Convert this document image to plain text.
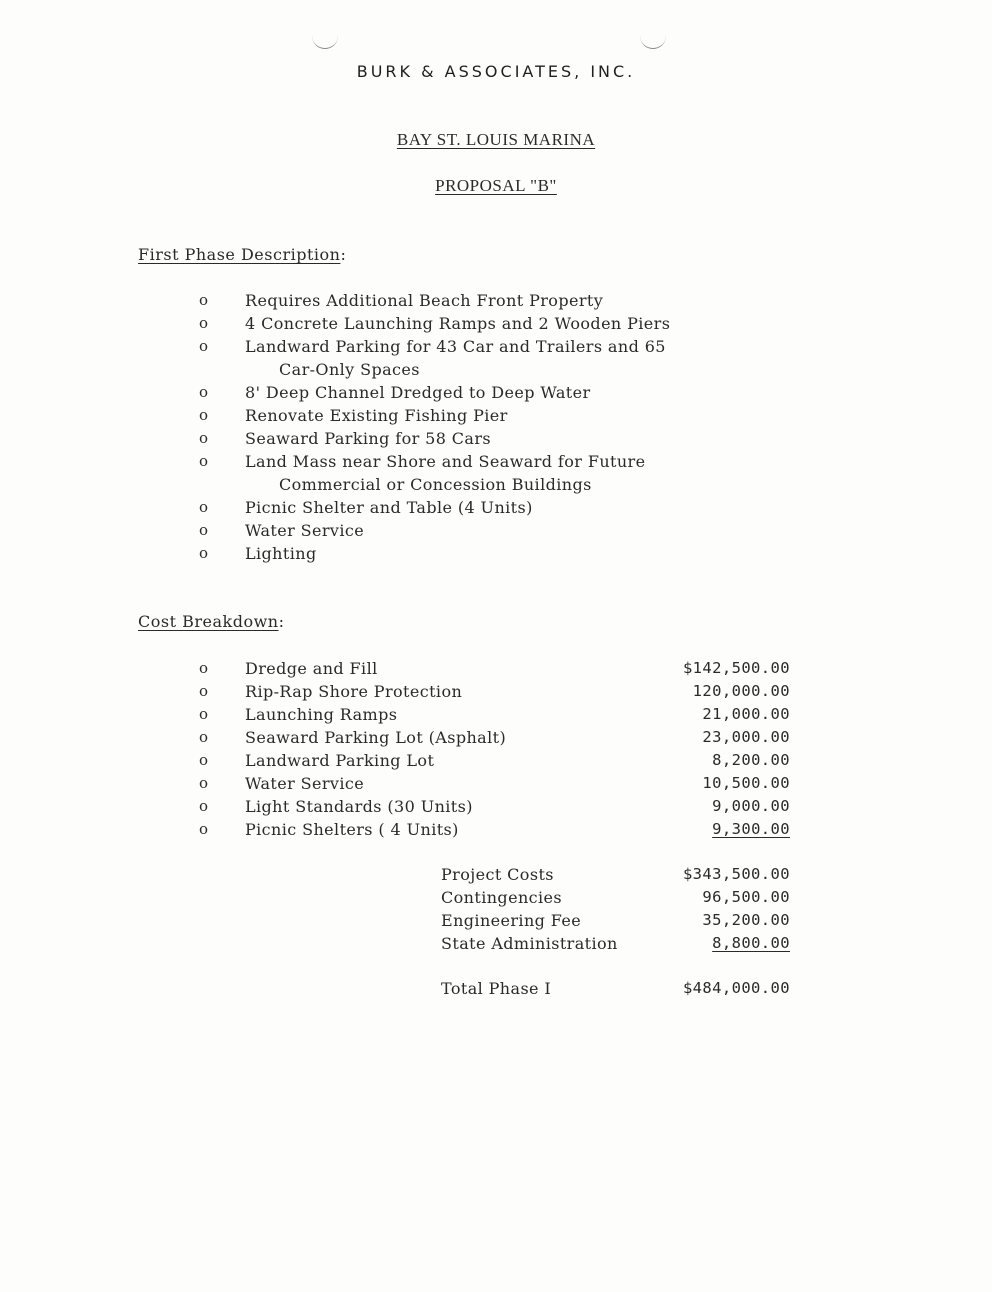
BURK & ASSOCIATES, INC.
BAY ST. LOUIS MARINA
PROPOSAL "B"
First Phase Description:
o Requires Additional Beach Front Property
o 4 Concrete Launching Ramps and 2 Wooden Piers
o Landward Parking for 43 Car and Trailers and 65
Car-Only Spaces
o 8' Deep Channel Dredged to Deep Water
o Renovate Existing Fishing Pier
o Seaward Parking for 58 Cars
o Land Mass near Shore and Seaward for Future
Commercial or Concession Buildings
o Picnic Shelter and Table (4 Units)
o Water Service
o Lighting
Cost Breakdown:
o Dredge and Fill	$142,500.00
o Rip-Rap Shore Protection	120,000.00
o Launching Ramps	21,000.00
o Seaward Parking Lot (Asphalt)	23,000.00
o Landward Parking Lot	8,200.00
o Water Service	10,500.00
o Light Standards (30 Units)	9,000.00
o Picnic Shelters ( 4 Units)	9,300.00
Project Costs	$343,500.00
Contingencies	96,500.00
Engineering Fee	35,200.00
State Administration	8,800.00
Total Phase I	$484,000.00
